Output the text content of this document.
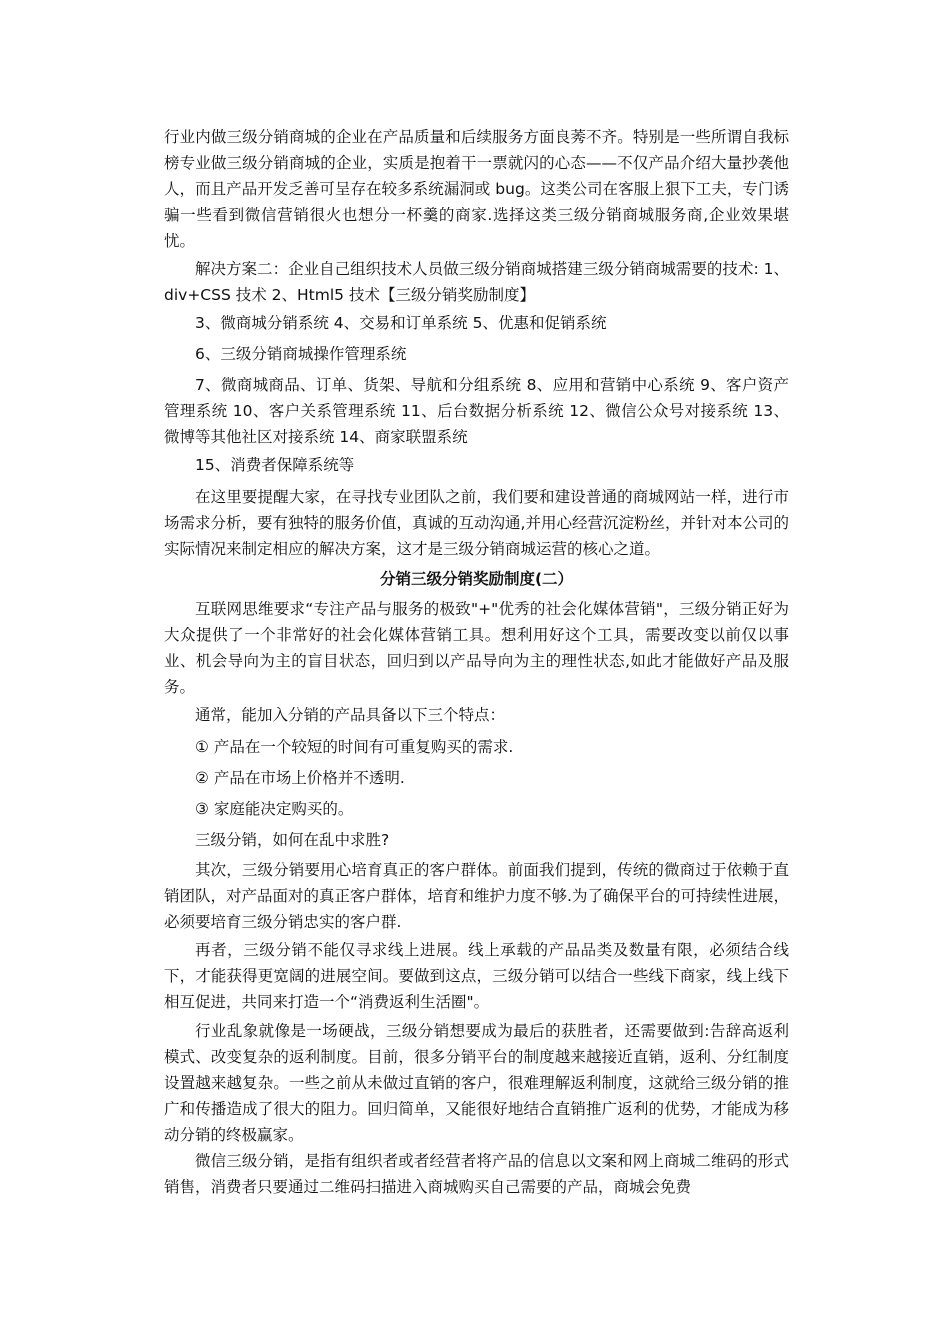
行业内做三级分销商城的企业在产品质量和后续服务方面良莠不齐。特别是一些所谓自我标榜专业做三级分销商城的企业，实质是抱着干一票就闪的心态——不仅产品介绍大量抄袭他人，而且产品开发乏善可呈存在较多系统漏洞或 bug。这类公司在客服上狠下工夫，专门诱骗一些看到微信营销很火也想分一杯羹的商家.选择这类三级分销商城服务商,企业效果堪忧。

解决方案二：企业自己组织技术人员做三级分销商城搭建三级分销商城需要的技术: 1、div+CSS 技术 2、Html5 技术【三级分销奖励制度】

3、微商城分销系统 4、交易和订单系统 5、优惠和促销系统

6、三级分销商城操作管理系统

7、微商城商品、订单、货架、导航和分组系统 8、应用和营销中心系统 9、客户资产管理系统 10、客户关系管理系统 11、后台数据分析系统 12、微信公众号对接系统 13、微博等其他社区对接系统 14、商家联盟系统

15、消费者保障系统等

在这里要提醒大家，在寻找专业团队之前，我们要和建设普通的商城网站一样，进行市场需求分析，要有独特的服务价值，真诚的互动沟通,并用心经营沉淀粉丝，并针对本公司的实际情况来制定相应的解决方案，这才是三级分销商城运营的核心之道。

分销三级分销奖励制度(二）

互联网思维要求“专注产品与服务的极致"+"优秀的社会化媒体营销"，三级分销正好为大众提供了一个非常好的社会化媒体营销工具。想利用好这个工具，需要改变以前仅以事业、机会导向为主的盲目状态，回归到以产品导向为主的理性状态,如此才能做好产品及服务。

通常，能加入分销的产品具备以下三个特点：

① 产品在一个较短的时间有可重复购买的需求.

② 产品在市场上价格并不透明.

③ 家庭能决定购买的。

三级分销，如何在乱中求胜?

其次，三级分销要用心培育真正的客户群体。前面我们提到，传统的微商过于依赖于直销团队，对产品面对的真正客户群体，培育和维护力度不够.为了确保平台的可持续性进展，必须要培育三级分销忠实的客户群.

再者，三级分销不能仅寻求线上进展。线上承载的产品品类及数量有限，必须结合线下，才能获得更宽阔的进展空间。要做到这点，三级分销可以结合一些线下商家，线上线下相互促进，共同来打造一个“消费返利生活圈"。

行业乱象就像是一场硬战，三级分销想要成为最后的获胜者，还需要做到:告辞高返利模式、改变复杂的返利制度。目前，很多分销平台的制度越来越接近直销，返利、分红制度设置越来越复杂。一些之前从未做过直销的客户，很难理解返利制度，这就给三级分销的推广和传播造成了很大的阻力。回归简单，又能很好地结合直销推广返利的优势，才能成为移动分销的终极赢家。

微信三级分销，是指有组织者或者经营者将产品的信息以文案和网上商城二维码的形式销售，消费者只要通过二维码扫描进入商城购买自己需要的产品，商城会免费
